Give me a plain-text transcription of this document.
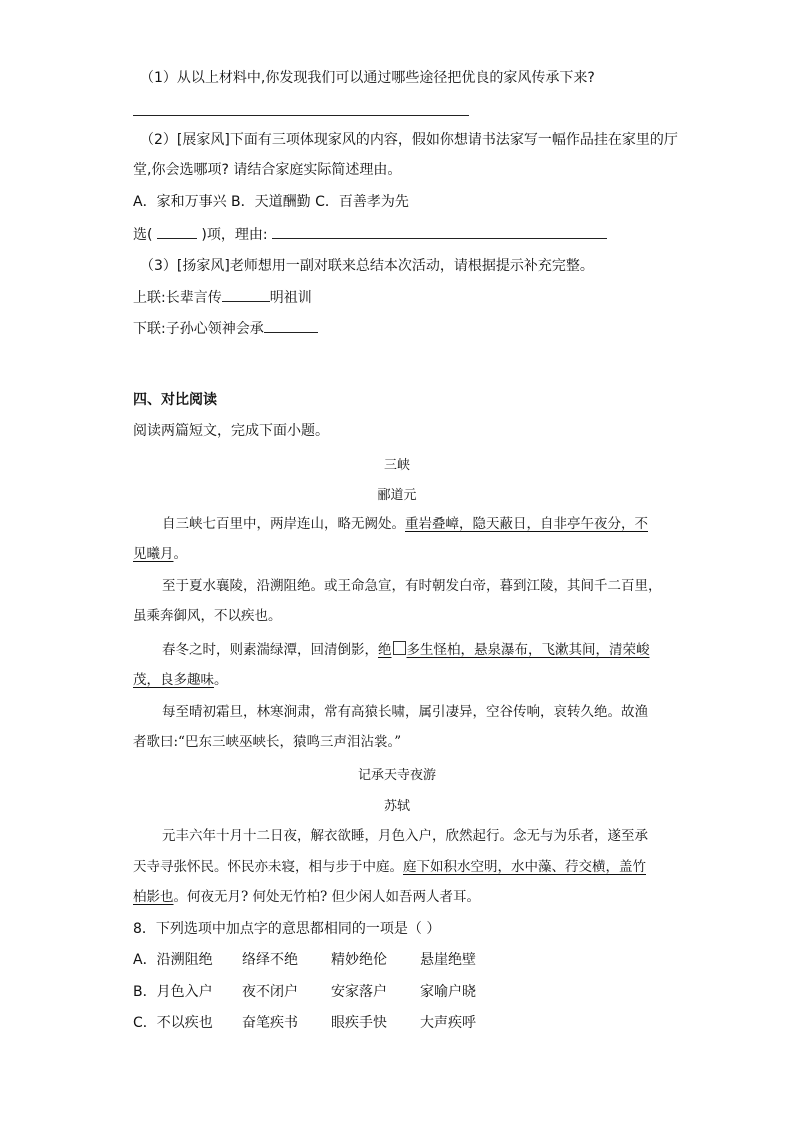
（1）从以上材料中,你发现我们可以通过哪些途径把优良的家风传承下来?
（2）[展家风]下面有三项体现家风的内容，假如你想请书法家写一幅作品挂在家里的厅
堂,你会选哪项? 请结合家庭实际简述理由。
A．家和万事兴 B．天道酬勤 C．百善孝为先
选(	)项，理由:
（3）[扬家风]老师想用一副对联来总结本次活动，请根据提示补充完整。
上联:长辈言传	明祖训
下联:子孙心领神会承
四、对比阅读
阅读两篇短文，完成下面小题。
三峡
郦道元
自三峡七百里中，两岸连山，略无阙处。重岩叠嶂，隐天蔽日，自非亭午夜分，不
见曦月。
至于夏水襄陵，沿溯阻绝。或王命急宣，有时朝发白帝，暮到江陵，其间千二百里，
虽乘奔御风，不以疾也。
春冬之时，则素湍绿潭，回清倒影，绝 多生怪柏，悬泉瀑布，飞漱其间，清荣峻
茂，良多趣味。
每至晴初霜旦，林寒涧肃，常有高猿长啸，属引凄异，空谷传响，哀转久绝。故渔
者歌曰:“巴东三峡巫峡长，猿鸣三声泪沾裳。”
记承天寺夜游
苏轼
元丰六年十月十二日夜，解衣欲睡，月色入户，欣然起行。念无与为乐者，遂至承
天寺寻张怀民。怀民亦未寝，相与步于中庭。庭下如积水空明，水中藻、荇交横，盖竹
柏影也。何夜无月? 何处无竹柏? 但少闲人如吾两人者耳。
8．下列选项中加点字的意思都相同的一项是（ ）
A．沿溯阻绝 络绎不绝 精妙绝伦 悬崖绝壁
B．月色入户 夜不闭户 安家落户 家喻户晓
C．不以疾也 奋笔疾书 眼疾手快 大声疾呼
